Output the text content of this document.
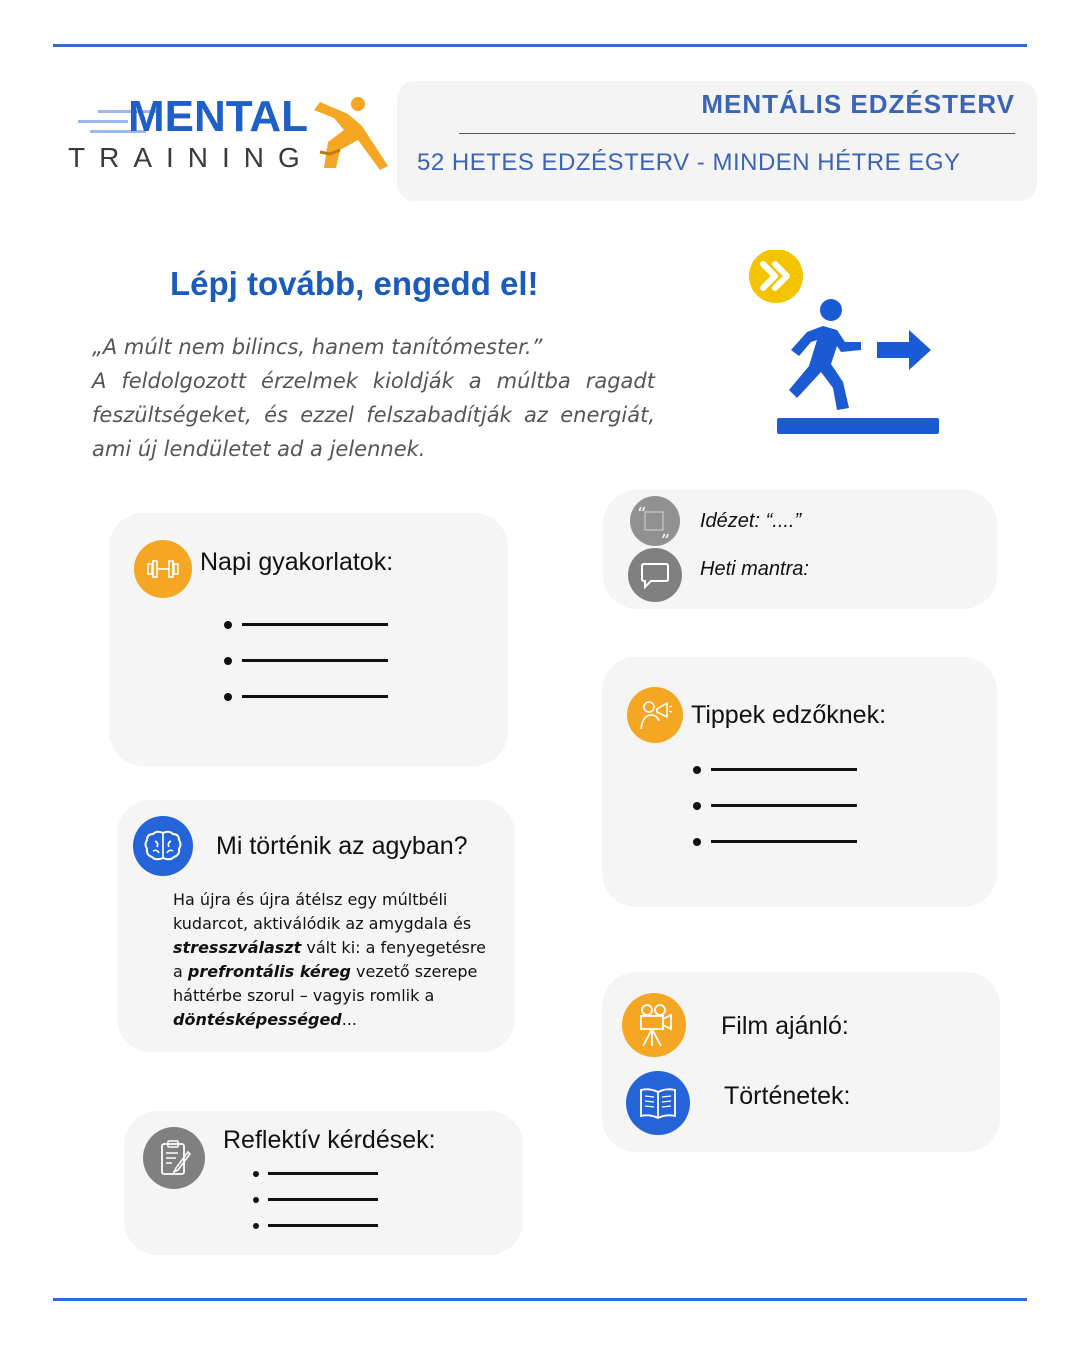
MENTAL
TRAINING
MENTÁLIS EDZÉSTERV
52 HETES EDZÉSTERV - MINDEN HÉTRE EGY
Lépj tovább, engedd el!
„A múlt nem bilincs, hanem tanítómester.”
A feldolgozott érzelmek kioldják a múltba ragadt feszültségeket, és ezzel felszabadítják az energiát, ami új lendületet ad a jelennek.
Napi gyakorlatok:
“
„ Idézet: “....”
Heti mantra:
Tippek edzőknek:
Mi történik az agyban?
Ha újra és újra átélsz egy múltbéli kudarcot, aktiválódik az amygdala és stresszválaszt vált ki: a fenyegetésre a prefrontális kéreg vezető szerepe háttérbe szorul – vagyis romlik a döntésképességed...	Film ajánló:
Történetek:
Reflektív kérdések:
